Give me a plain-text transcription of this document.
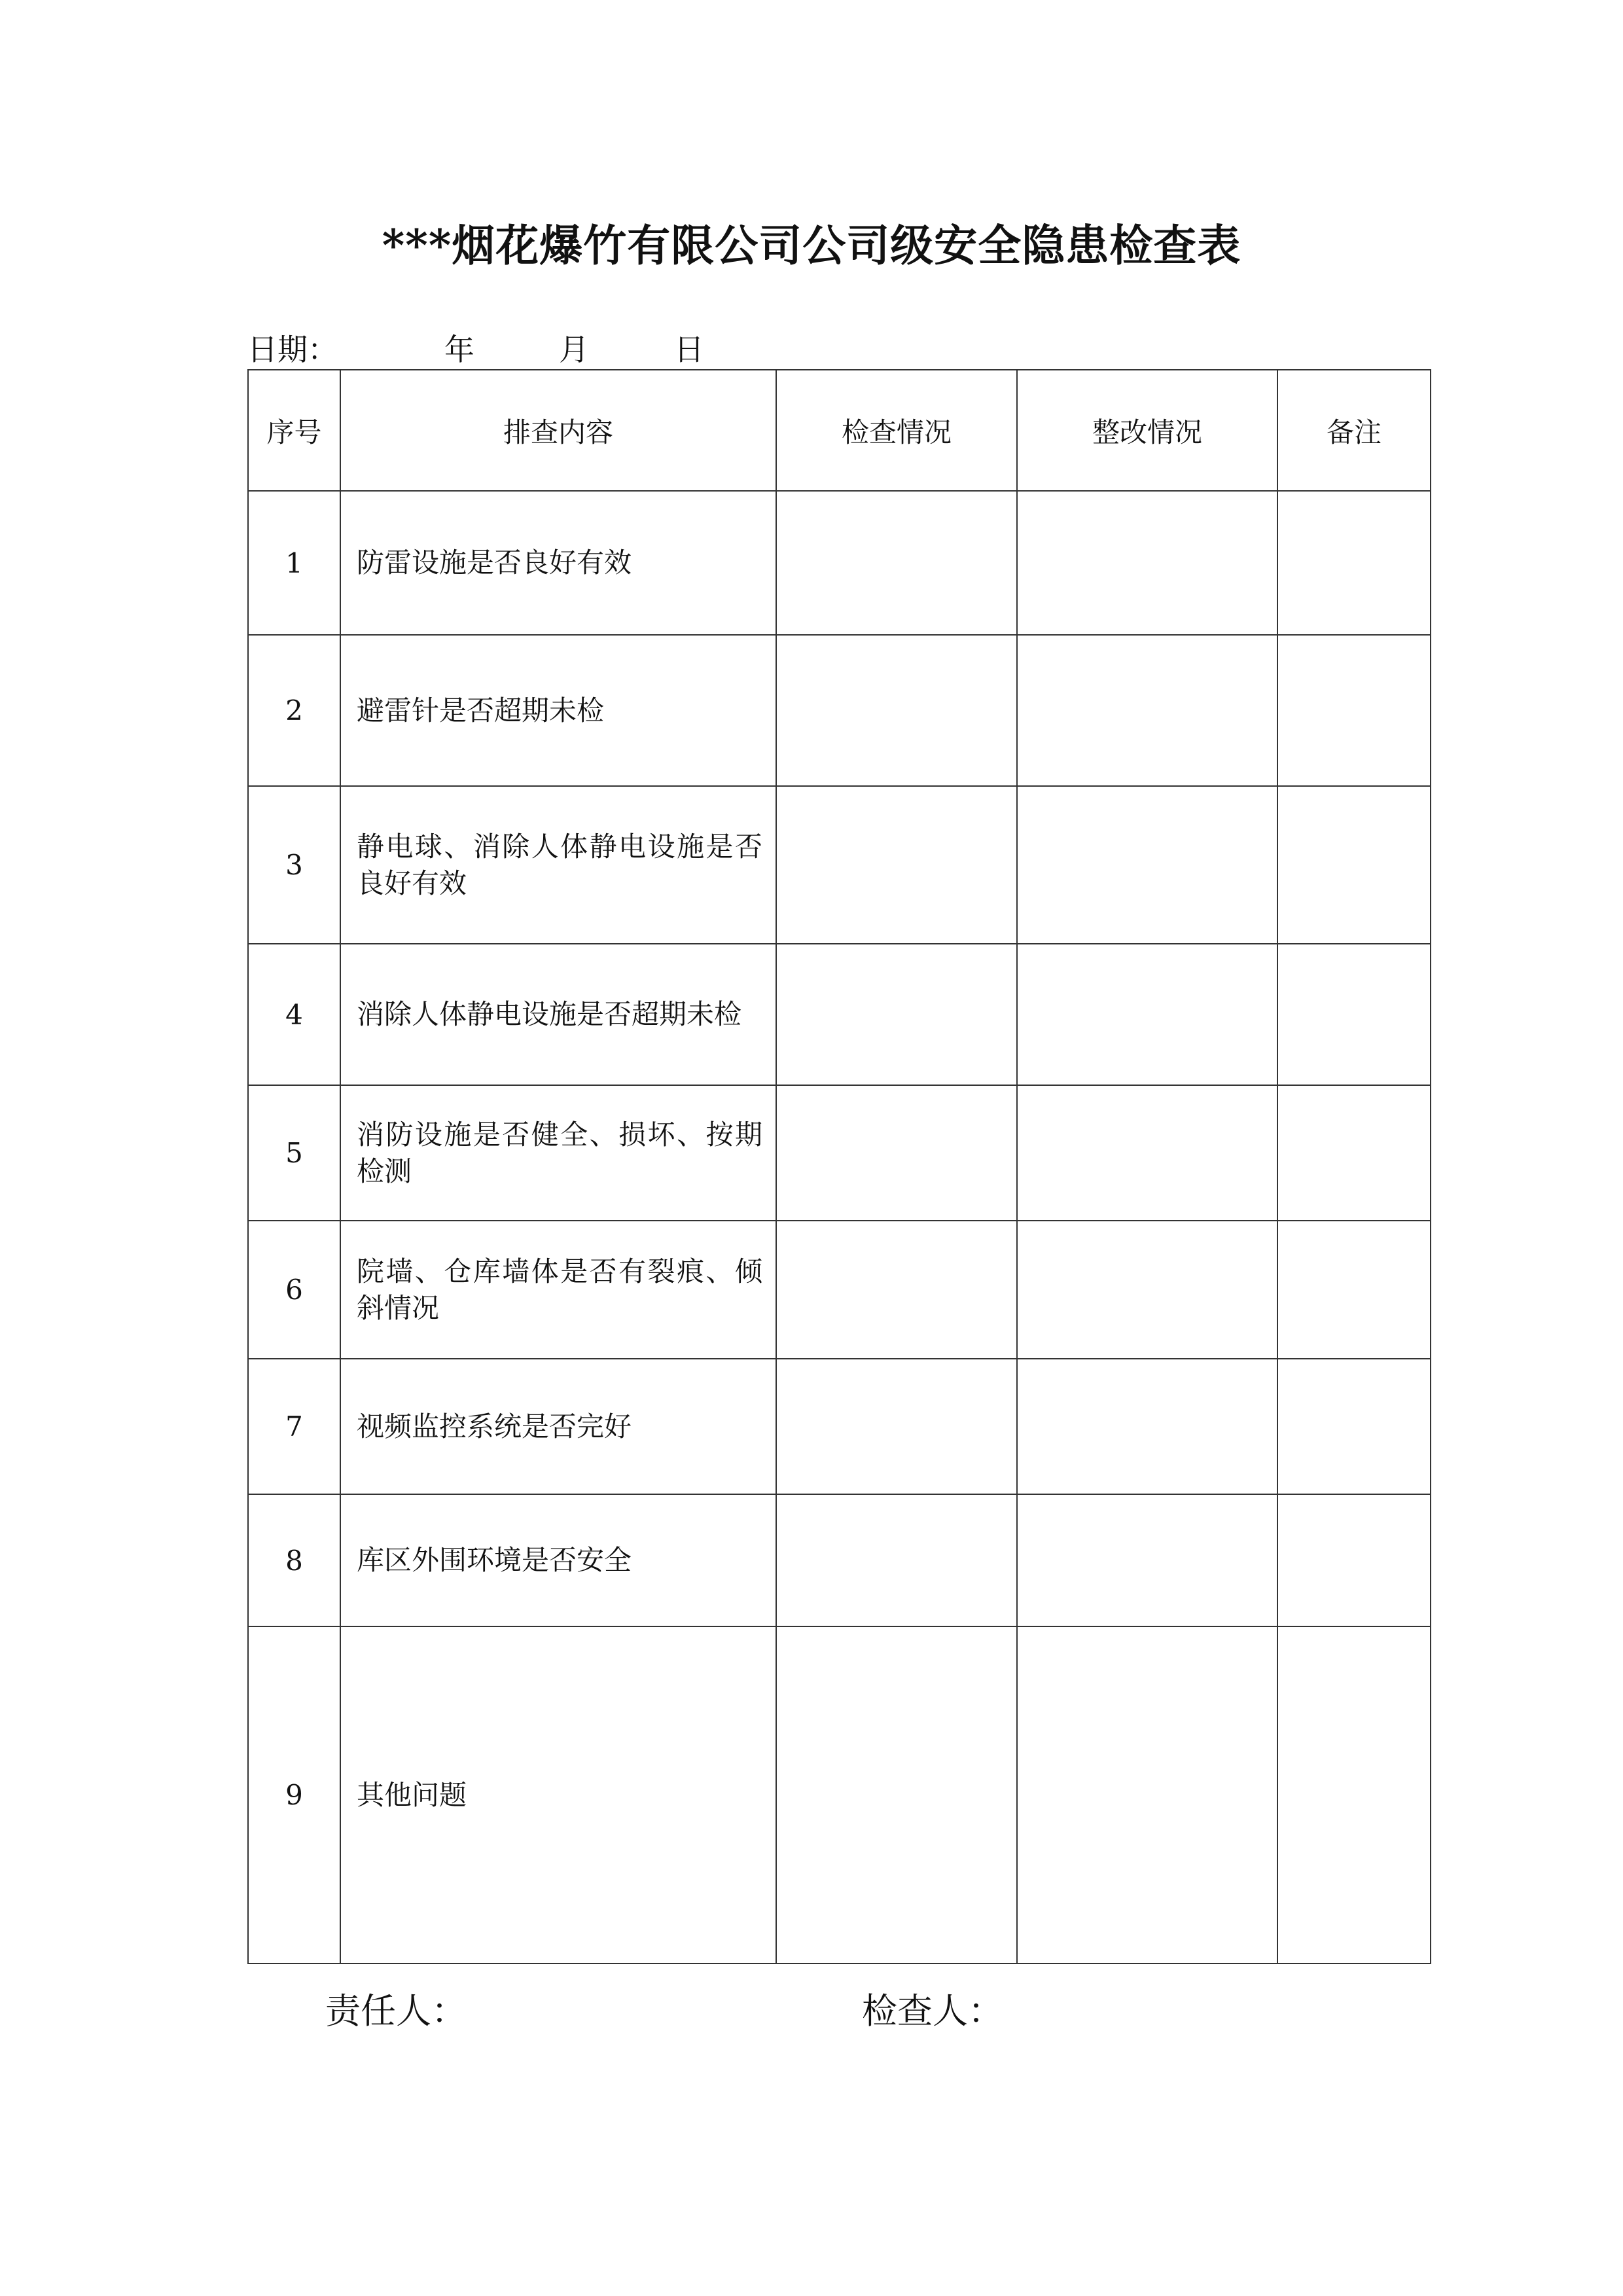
***烟花爆竹有限公司公司级安全隐患检查表
日期：	年	月	日
序号	排查内容	检查情况	整改情况	备注
1	防雷设施是否良好有效			
2	避雷针是否超期未检			
3	静电球、消除人体静电设施是否良好有效			
4	消除人体静电设施是否超期未检			
5	消防设施是否健全、损坏、按期检测			
6	院墙、仓库墙体是否有裂痕、倾斜情况			
7	视频监控系统是否完好			
8	库区外围环境是否安全			
9	其他问题			
责任人：	检查人：
